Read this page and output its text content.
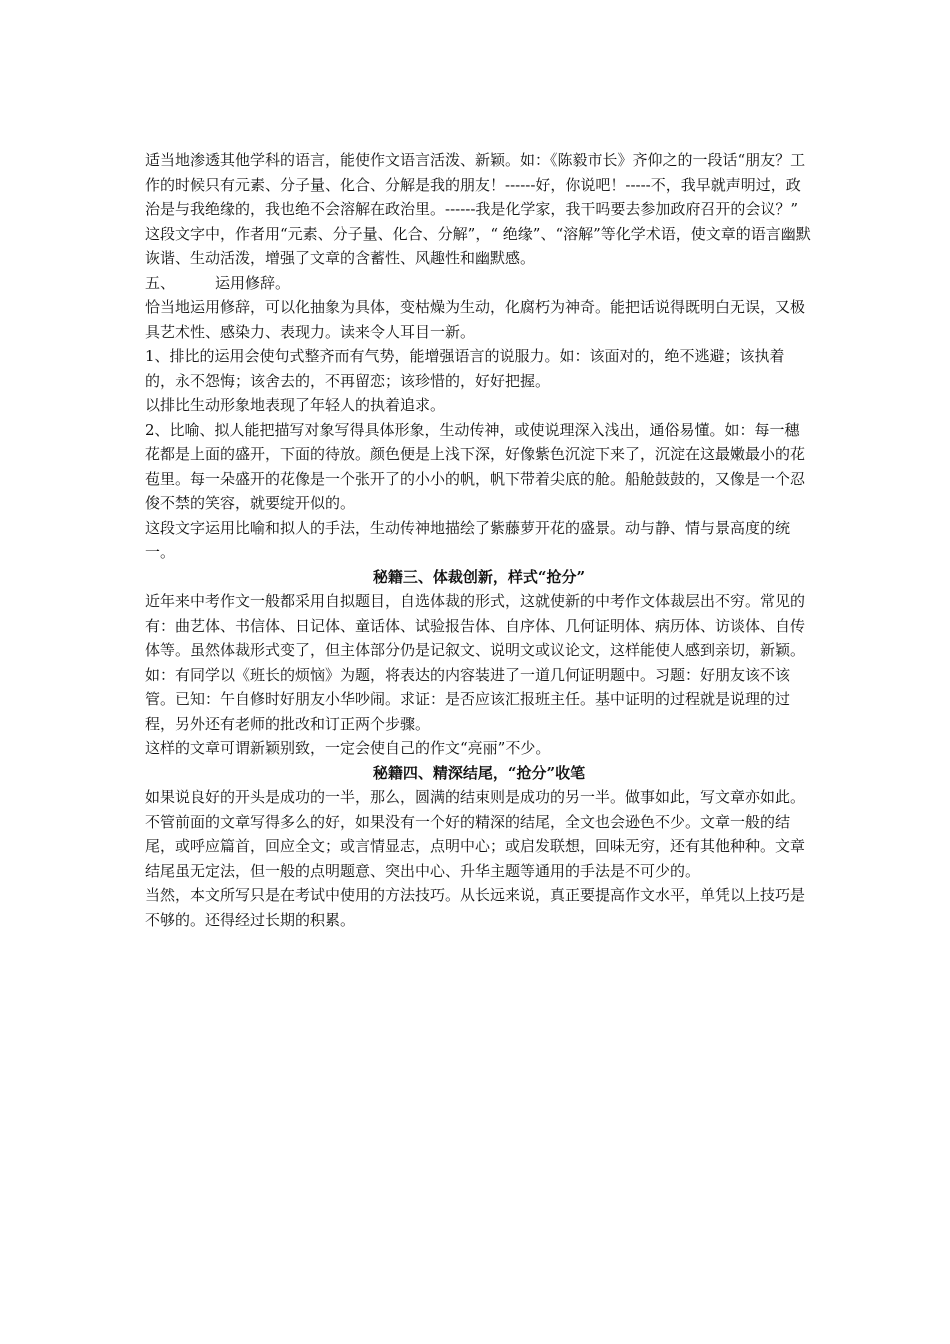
适当地渗透其他学科的语言，能使作文语言活泼、新颖。如：《陈毅市长》齐仰之的一段话“朋友？工作的时候只有元素、分子量、化合、分解是我的朋友！------好，你说吧！-----不，我早就声明过，政治是与我绝缘的，我也绝不会溶解在政治里。------我是化学家，我干吗要去参加政府召开的会议？”

这段文字中，作者用“元素、分子量、化合、分解”，“ 绝缘”、“溶解”等化学术语，使文章的语言幽默诙谐、生动活泼，增强了文章的含蓄性、风趣性和幽默感。

五、	运用修辞。

恰当地运用修辞，可以化抽象为具体，变枯燥为生动，化腐朽为神奇。能把话说得既明白无误，又极具艺术性、感染力、表现力。读来令人耳目一新。

1、排比的运用会使句式整齐而有气势，能增强语言的说服力。如：该面对的，绝不逃避；该执着的，永不怨悔；该舍去的，不再留恋；该珍惜的，好好把握。

以排比生动形象地表现了年轻人的执着追求。

2、比喻、拟人能把描写对象写得具体形象，生动传神，或使说理深入浅出，通俗易懂。如：每一穗花都是上面的盛开，下面的待放。颜色便是上浅下深，好像紫色沉淀下来了，沉淀在这最嫩最小的花苞里。每一朵盛开的花像是一个张开了的小小的帆，帆下带着尖底的舱。船舱鼓鼓的，又像是一个忍俊不禁的笑容，就要绽开似的。

这段文字运用比喻和拟人的手法，生动传神地描绘了紫藤萝开花的盛景。动与静、情与景高度的统一。

秘籍三、体裁创新，样式“抢分”

近年来中考作文一般都采用自拟题目，自选体裁的形式，这就使新的中考作文体裁层出不穷。常见的有：曲艺体、书信体、日记体、童话体、试验报告体、自序体、几何证明体、病历体、访谈体、自传体等。虽然体裁形式变了，但主体部分仍是记叙文、说明文或议论文，这样能使人感到亲切，新颖。如：有同学以《班长的烦恼》为题，将表达的内容装进了一道几何证明题中。习题：好朋友该不该管。已知：午自修时好朋友小华吵闹。求证：是否应该汇报班主任。基中证明的过程就是说理的过程，另外还有老师的批改和订正两个步骤。

这样的文章可谓新颖别致，一定会使自己的作文“亮丽”不少。

秘籍四、精深结尾，“抢分”收笔

如果说良好的开头是成功的一半，那么，圆满的结束则是成功的另一半。做事如此，写文章亦如此。不管前面的文章写得多么的好，如果没有一个好的精深的结尾，全文也会逊色不少。文章一般的结尾，或呼应篇首，回应全文；或言情显志，点明中心；或启发联想，回味无穷，还有其他种种。文章结尾虽无定法，但一般的点明题意、突出中心、升华主题等通用的手法是不可少的。

当然，本文所写只是在考试中使用的方法技巧。从长远来说，真正要提高作文水平，单凭以上技巧是不够的。还得经过长期的积累。
